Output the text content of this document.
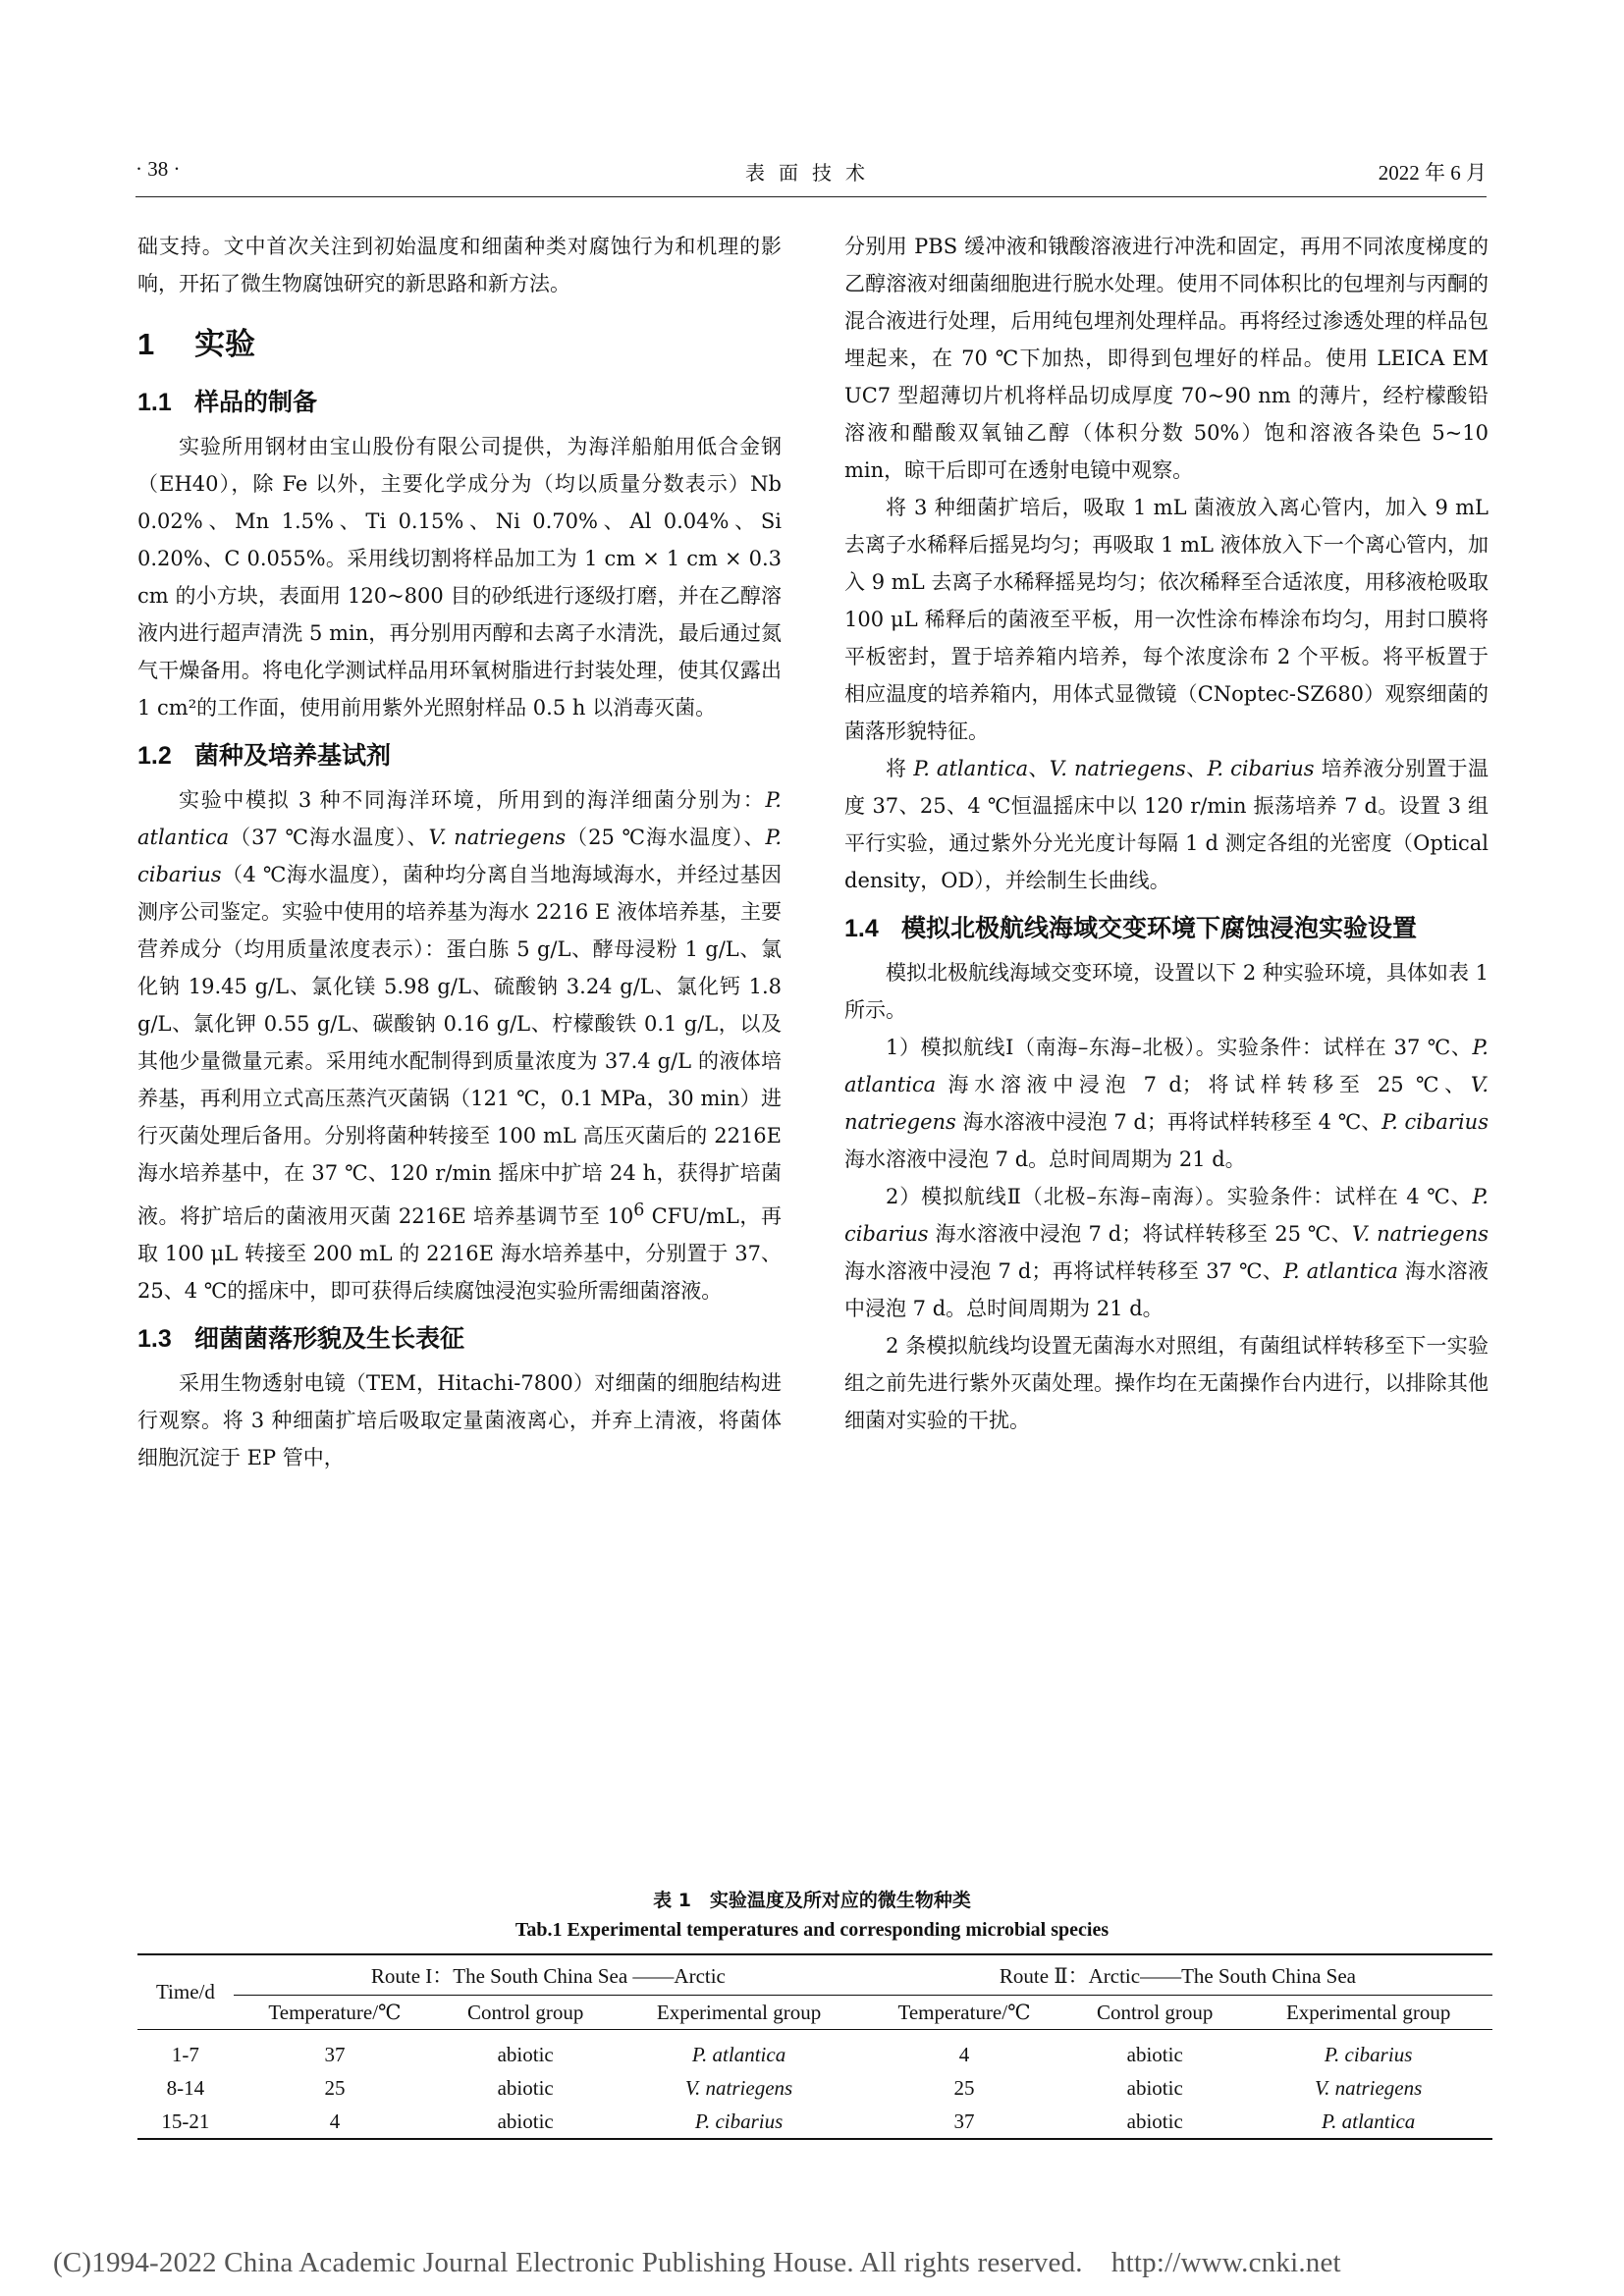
· 38 ·	表面技术	2022 年 6 月

础支持。文中首次关注到初始温度和细菌种类对腐蚀行为和机理的影响，开拓了微生物腐蚀研究的新思路和新方法。

1 实验
1.1 样品的制备

实验所用钢材由宝山股份有限公司提供，为海洋船舶用低合金钢（EH40），除 Fe 以外，主要化学成分为（均以质量分数表示）Nb 0.02%、Mn 1.5%、Ti 0.15%、Ni 0.70%、Al 0.04%、Si 0.20%、C 0.055%。采用线切割将样品加工为 1 cm × 1 cm × 0.3 cm 的小方块，表面用 120~800 目的砂纸进行逐级打磨，并在乙醇溶液内进行超声清洗 5 min，再分别用丙醇和去离子水清洗，最后通过氮气干燥备用。将电化学测试样品用环氧树脂进行封装处理，使其仅露出 1 cm²的工作面，使用前用紫外光照射样品 0.5 h 以消毒灭菌。

1.2 菌种及培养基试剂

实验中模拟 3 种不同海洋环境，所用到的海洋细菌分别为：P. atlantica（37 ℃海水温度）、V. natriegens（25 ℃海水温度）、P. cibarius（4 ℃海水温度），菌种均分离自当地海域海水，并经过基因测序公司鉴定。实验中使用的培养基为海水 2216 E 液体培养基，主要营养成分（均用质量浓度表示）：蛋白胨 5 g/L、酵母浸粉 1 g/L、氯化钠 19.45 g/L、氯化镁 5.98 g/L、硫酸钠 3.24 g/L、氯化钙 1.8 g/L、氯化钾 0.55 g/L、碳酸钠 0.16 g/L、柠檬酸铁 0.1 g/L，以及其他少量微量元素。采用纯水配制得到质量浓度为 37.4 g/L 的液体培养基，再利用立式高压蒸汽灭菌锅（121 ℃，0.1 MPa，30 min）进行灭菌处理后备用。分别将菌种转接至 100 mL 高压灭菌后的 2216E 海水培养基中，在 37 ℃、120 r/min 摇床中扩培 24 h，获得扩培菌液。将扩培后的菌液用灭菌 2216E 培养基调节至 $10^6$ CFU/mL，再取 100 μL 转接至 200 mL 的 2216E 海水培养基中，分别置于 37、25、4 ℃的摇床中，即可获得后续腐蚀浸泡实验所需细菌溶液。

1.3 细菌菌落形貌及生长表征

采用生物透射电镜（TEM，Hitachi-7800）对细菌的细胞结构进行观察。将 3 种细菌扩培后吸取定量菌液离心，并弃上清液，将菌体细胞沉淀于 EP 管中，

分别用 PBS 缓冲液和锇酸溶液进行冲洗和固定，再用不同浓度梯度的乙醇溶液对细菌细胞进行脱水处理。使用不同体积比的包埋剂与丙酮的混合液进行处理，后用纯包埋剂处理样品。再将经过渗透处理的样品包埋起来，在 70 ℃下加热，即得到包埋好的样品。使用 LEICA EM UC7 型超薄切片机将样品切成厚度 70~90 nm 的薄片，经柠檬酸铅溶液和醋酸双氧铀乙醇（体积分数 50%）饱和溶液各染色 5~10 min，晾干后即可在透射电镜中观察。

将 3 种细菌扩培后，吸取 1 mL 菌液放入离心管内，加入 9 mL 去离子水稀释后摇晃均匀；再吸取 1 mL 液体放入下一个离心管内，加入 9 mL 去离子水稀释摇晃均匀；依次稀释至合适浓度，用移液枪吸取 100 μL 稀释后的菌液至平板，用一次性涂布棒涂布均匀，用封口膜将平板密封，置于培养箱内培养，每个浓度涂布 2 个平板。将平板置于相应温度的培养箱内，用体式显微镜（CNoptec-SZ680）观察细菌的菌落形貌特征。

将 P. atlantica、V. natriegens、P. cibarius 培养液分别置于温度 37、25、4 ℃恒温摇床中以 120 r/min 振荡培养 7 d。设置 3 组平行实验，通过紫外分光光度计每隔 1 d 测定各组的光密度（Optical density，OD），并绘制生长曲线。

1.4 模拟北极航线海域交变环境下腐蚀浸泡实验设置

模拟北极航线海域交变环境，设置以下 2 种实验环境，具体如表 1 所示。

1）模拟航线Ⅰ（南海–东海–北极）。实验条件：试样在 37 ℃、P. atlantica 海水溶液中浸泡 7 d；将试样转移至 25 ℃、V. natriegens 海水溶液中浸泡 7 d；再将试样转移至 4 ℃、P. cibarius 海水溶液中浸泡 7 d。总时间周期为 21 d。

2）模拟航线Ⅱ（北极–东海–南海）。实验条件：试样在 4 ℃、P. cibarius 海水溶液中浸泡 7 d；将试样转移至 25 ℃、V. natriegens 海水溶液中浸泡 7 d；再将试样转移至 37 ℃、P. atlantica 海水溶液中浸泡 7 d。总时间周期为 21 d。

2 条模拟航线均设置无菌海水对照组，有菌组试样转移至下一实验组之前先进行紫外灭菌处理。操作均在无菌操作台内进行，以排除其他细菌对实验的干扰。

表 1　实验温度及所对应的微生物种类
Tab.1 Experimental temperatures and corresponding microbial species
Time/d	Route I：The South China Sea ——Arctic			Route Ⅱ：Arctic——The South China Sea		
	Temperature/℃	Control group	Experimental group	Temperature/℃	Control group	Experimental group
1-7	37	abiotic	P. atlantica	4	abiotic	P. cibarius
8-14	25	abiotic	V. natriegens	25	abiotic	V. natriegens
15-21	4	abiotic	P. cibarius	37	abiotic	P. atlantica
(C)1994-2022 China Academic Journal Electronic Publishing House. All rights reserved.　http://www.cnki.net
